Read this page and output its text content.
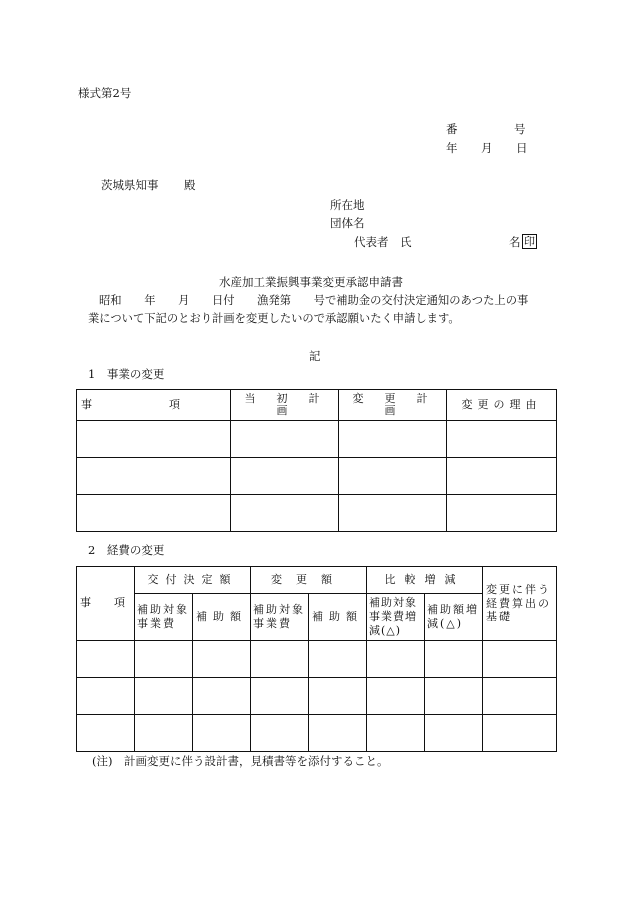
様式第2号
番	号
年 月 日
茨城県知事 殿
所在地
団体名
代表者　氏	名 印
水産加工業振興事業変更承認申請書
昭和　　年　　月　　日付　　漁発第　　号で補助金の交付決定通知のあつた上の事
業について下記のとおり計画を変更したいので承認願いたく申請します。
記
1　事業の変更
事　　　　　　　項	当　初　計　画	変　更　計　画	変更の理由

2　経費の変更
事　項	交付決定額		変更額		比較増減		変更に伴う経費算出の基礎
	補助対象事業費	補助額	補助対象事業費	補助額	補助対象事業費増減(△)	補助額増減(△)	

(注)　計画変更に伴う設計書，見積書等を添付すること。
